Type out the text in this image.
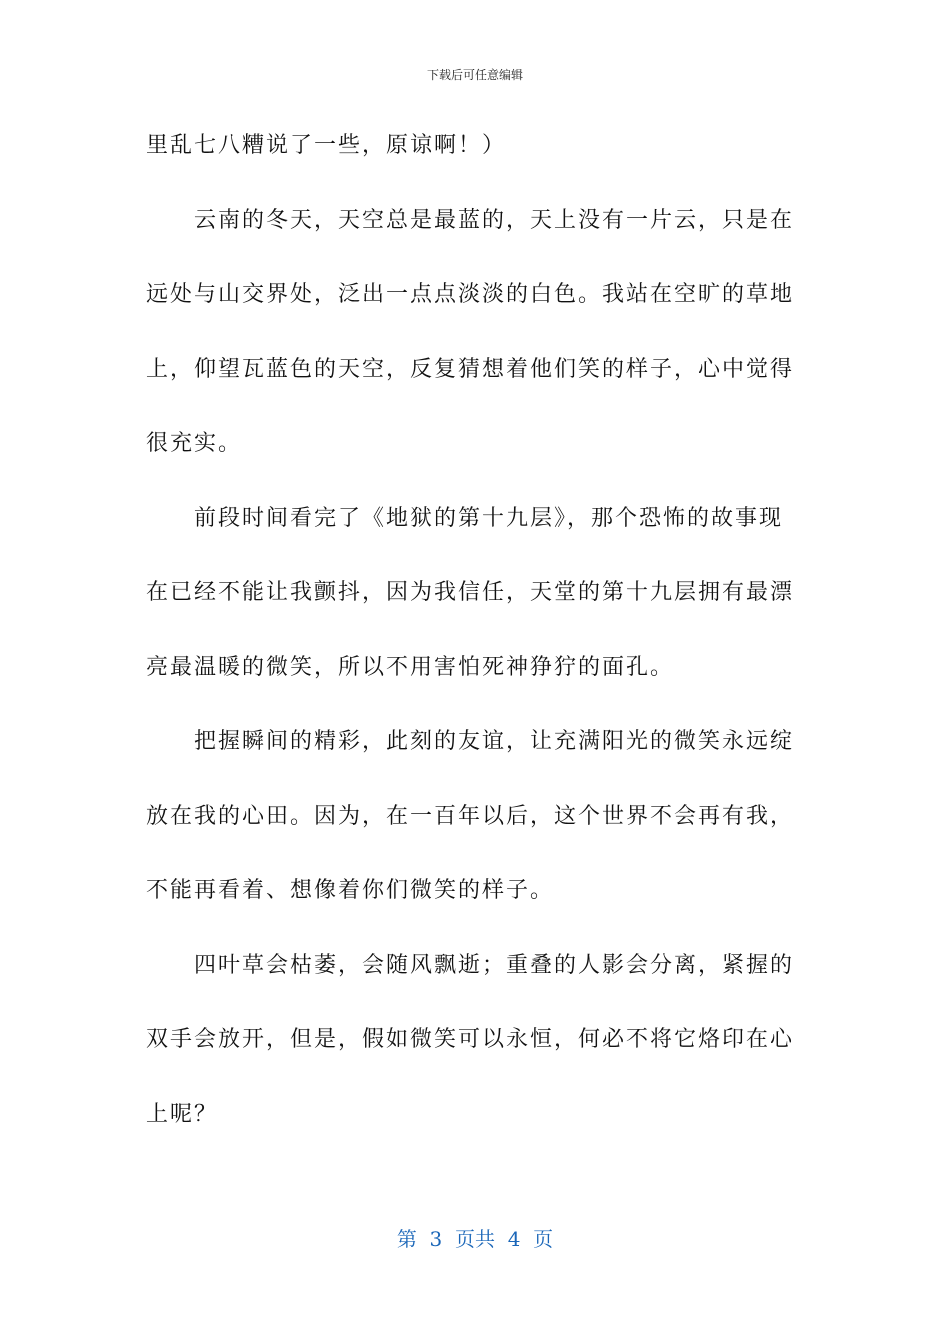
下载后可任意编辑
里乱七八糟说了一些，原谅啊！）
云南的冬天，天空总是最蓝的，天上没有一片云，只是在
远处与山交界处，泛出一点点淡淡的白色。我站在空旷的草地
上，仰望瓦蓝色的天空，反复猜想着他们笑的样子，心中觉得
很充实。
前段时间看完了《地狱的第十九层》，那个恐怖的故事现
在已经不能让我颤抖，因为我信任，天堂的第十九层拥有最漂
亮最温暖的微笑，所以不用害怕死神狰狞的面孔。
把握瞬间的精彩，此刻的友谊，让充满阳光的微笑永远绽
放在我的心田。因为，在一百年以后，这个世界不会再有我，
不能再看着、想像着你们微笑的样子。
四叶草会枯萎，会随风飘逝；重叠的人影会分离，紧握的
双手会放开，但是，假如微笑可以永恒，何必不将它烙印在心
上呢？
第  3  页共  4  页
